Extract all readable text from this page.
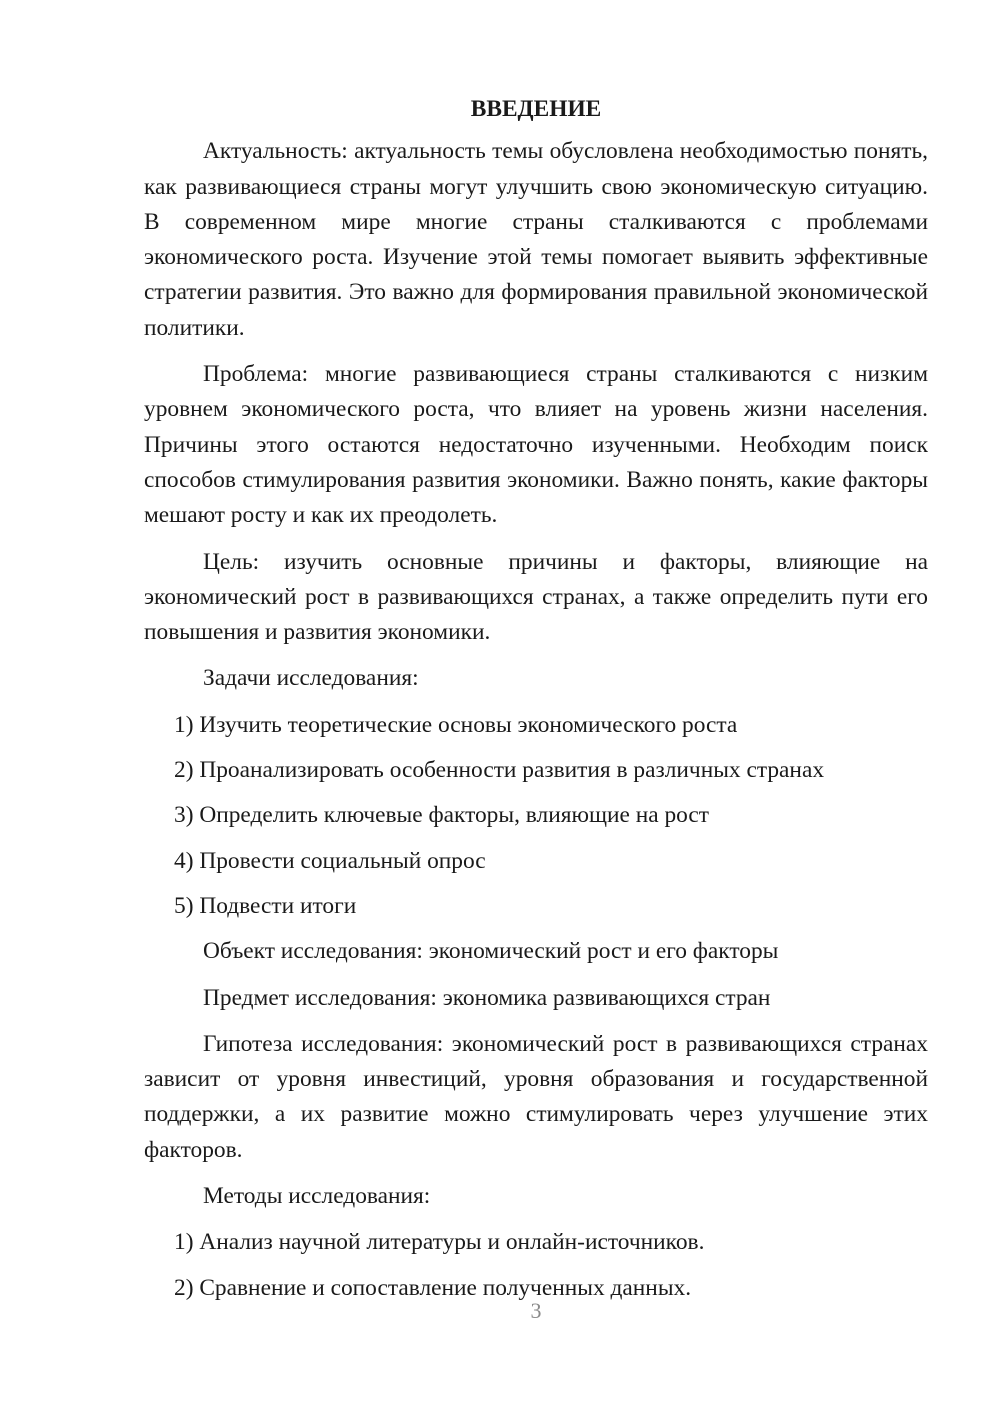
ВВЕДЕНИЕ

Актуальность: актуальность темы обусловлена необходимостью понять, как развивающиеся страны могут улучшить свою экономическую ситуацию. В современном мире многие страны сталкиваются с проблемами экономического роста. Изучение этой темы помогает выявить эффективные стратегии развития. Это важно для формирования правильной экономической политики.

Проблема: многие развивающиеся страны сталкиваются с низким уровнем экономического роста, что влияет на уровень жизни населения. Причины этого остаются недостаточно изученными. Необходим поиск способов стимулирования развития экономики. Важно понять, какие факторы мешают росту и как их преодолеть.

Цель: изучить основные причины и факторы, влияющие на экономический рост в развивающихся странах, а также определить пути его повышения и развития экономики.

Задачи исследования:

1) Изучить теоретические основы экономического роста

2) Проанализировать особенности развития в различных странах

3) Определить ключевые факторы, влияющие на рост

4) Провести социальный опрос

5) Подвести итоги

Объект исследования: экономический рост и его факторы

Предмет исследования: экономика развивающихся стран

Гипотеза исследования: экономический рост в развивающихся странах зависит от уровня инвестиций, уровня образования и государственной поддержки, а их развитие можно стимулировать через улучшение этих факторов.

Методы исследования:

1) Анализ научной литературы и онлайн-источников.

2) Сравнение и сопоставление полученных данных.

3
